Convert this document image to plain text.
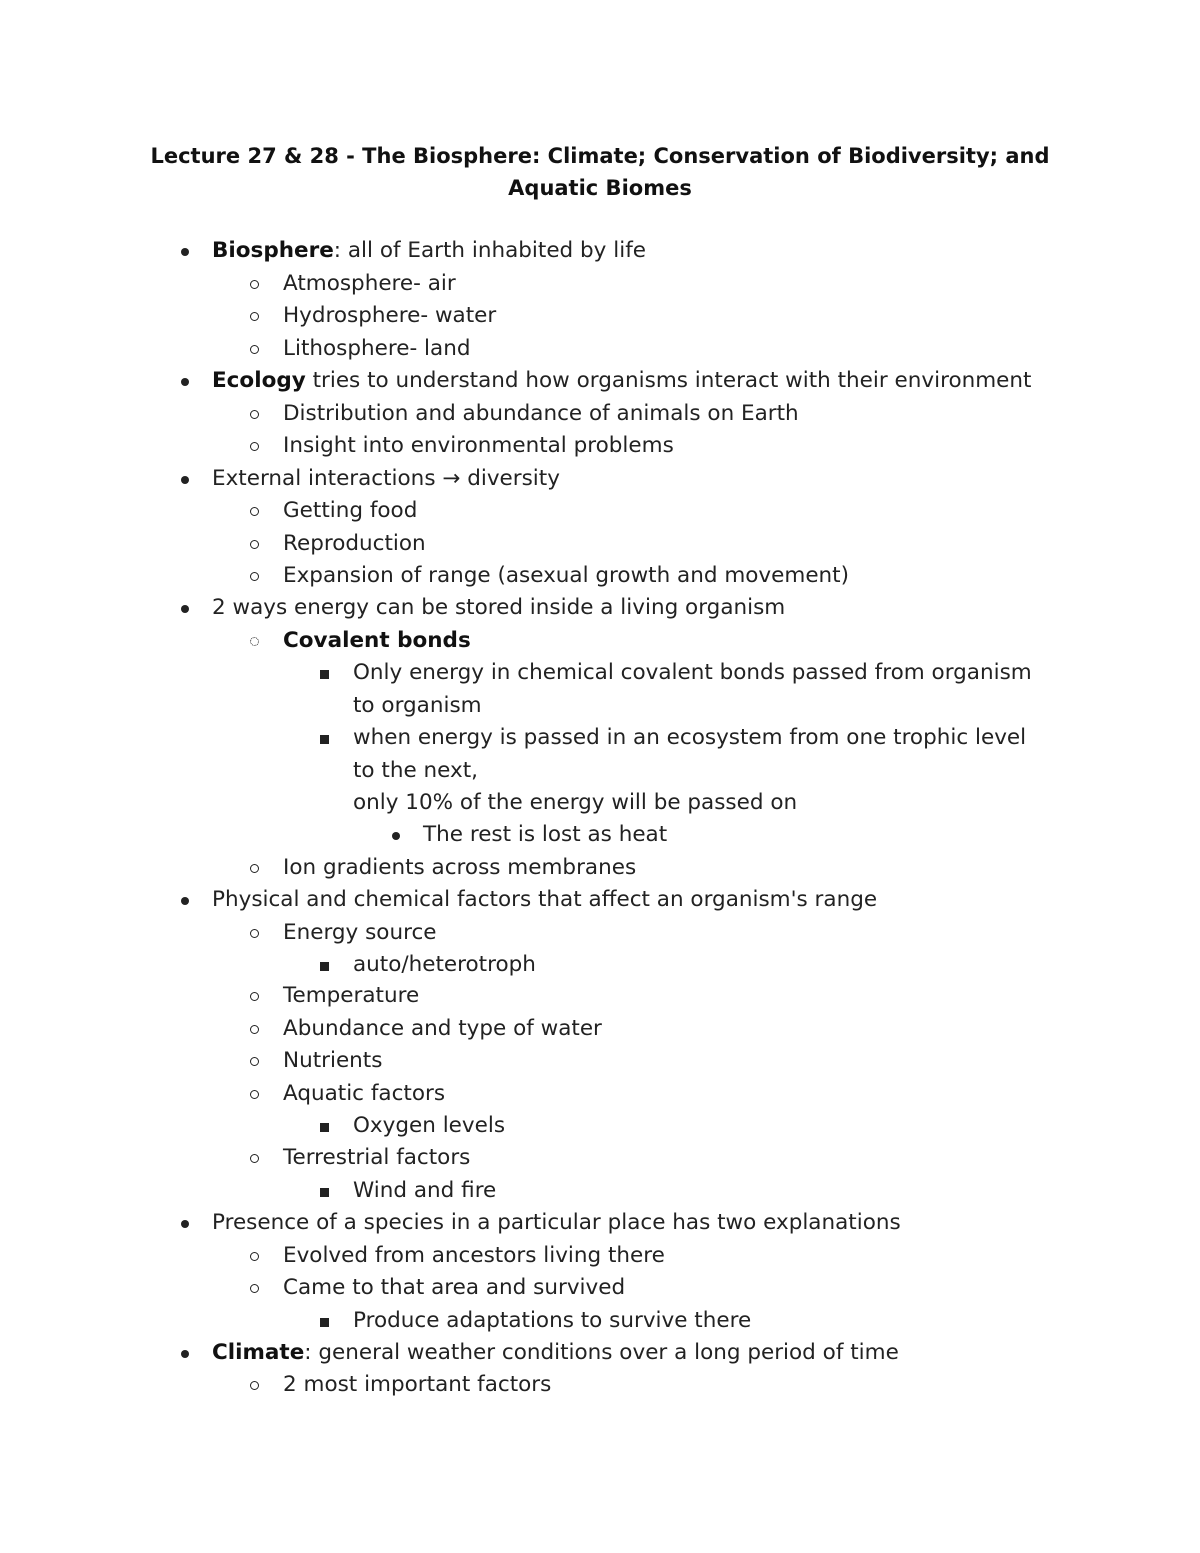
Lecture 27 & 28 - The Biosphere: Climate; Conservation of Biodiversity; and
Aquatic Biomes
Biosphere: all of Earth inhabited by life
Atmosphere- air
Hydrosphere- water
Lithosphere- land
Ecology tries to understand how organisms interact with their environment
Distribution and abundance of animals on Earth
Insight into environmental problems
External interactions → diversity
Getting food
Reproduction
Expansion of range (asexual growth and movement)
2 ways energy can be stored inside a living organism
Covalent bonds
Only energy in chemical covalent bonds passed from organism
to organism
when energy is passed in an ecosystem from one trophic level
to the next,
only 10% of the energy will be passed on
The rest is lost as heat
Ion gradients across membranes
Physical and chemical factors that affect an organism's range
Energy source
auto/heterotroph
Temperature
Abundance and type of water
Nutrients
Aquatic factors
Oxygen levels
Terrestrial factors
Wind and fire
Presence of a species in a particular place has two explanations
Evolved from ancestors living there
Came to that area and survived
Produce adaptations to survive there
Climate: general weather conditions over a long period of time
2 most important factors
